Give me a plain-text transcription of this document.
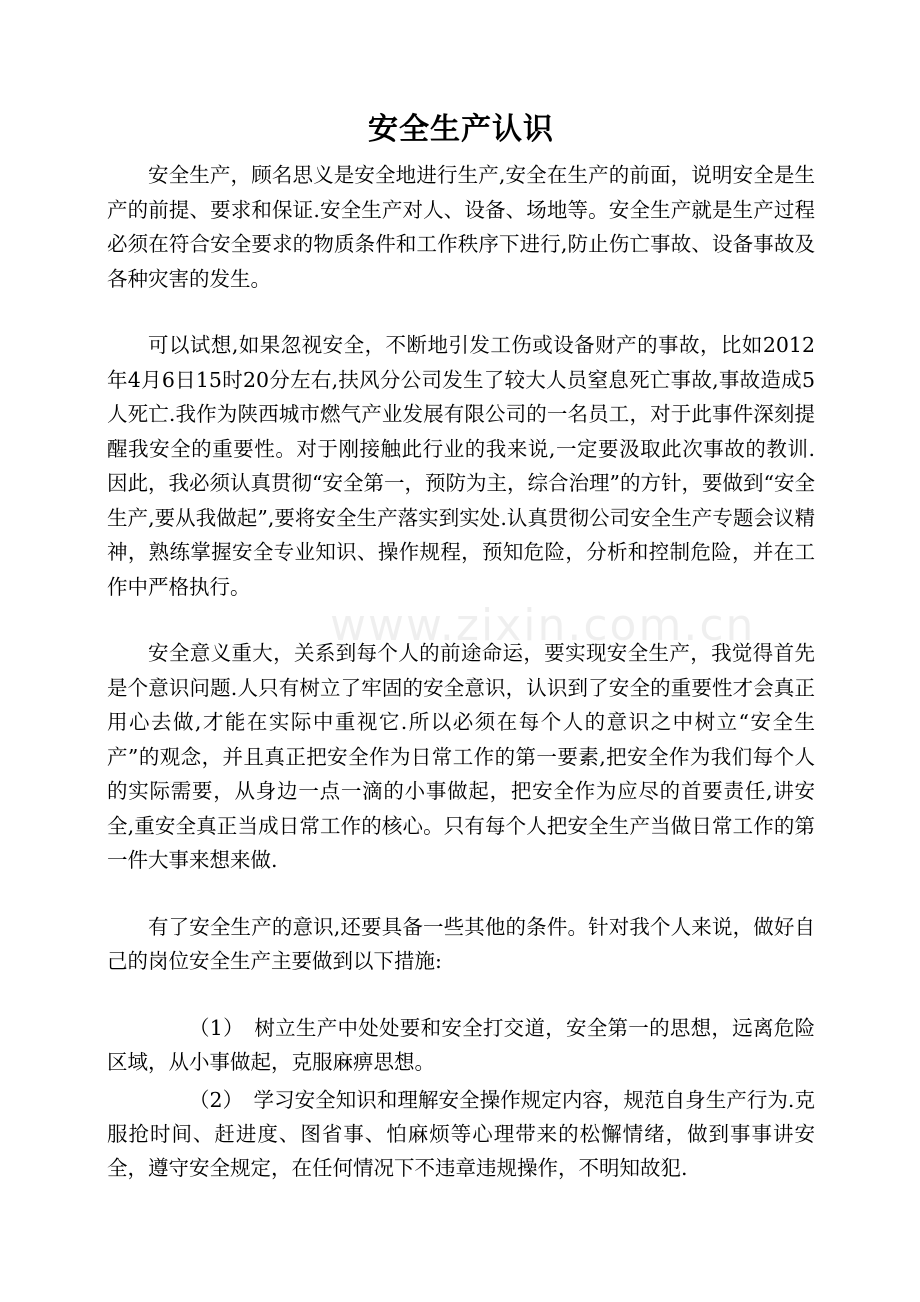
www.zixin.com.cn
安全生产认识

安全生产，顾名思义是安全地进行生产,安全在生产的前面，说明安全是生产的前提、要求和保证.安全生产对人、设备、场地等。安全生产就是生产过程必须在符合安全要求的物质条件和工作秩序下进行,防止伤亡事故、设备事故及各种灾害的发生。

可以试想,如果忽视安全，不断地引发工伤或设备财产的事故，比如2012年4月6日15时20分左右,扶风分公司发生了较大人员窒息死亡事故,事故造成5人死亡.我作为陕西城市燃气产业发展有限公司的一名员工，对于此事件深刻提醒我安全的重要性。对于刚接触此行业的我来说,一定要汲取此次事故的教训.因此，我必须认真贯彻“安全第一，预防为主，综合治理”的方针，要做到“安全生产,要从我做起”,要将安全生产落实到实处.认真贯彻公司安全生产专题会议精神，熟练掌握安全专业知识、操作规程，预知危险，分析和控制危险，并在工作中严格执行。

安全意义重大，关系到每个人的前途命运，要实现安全生产，我觉得首先是个意识问题.人只有树立了牢固的安全意识，认识到了安全的重要性才会真正用心去做,才能在实际中重视它.所以必须在每个人的意识之中树立“安全生产”的观念，并且真正把安全作为日常工作的第一要素,把安全作为我们每个人的实际需要，从身边一点一滴的小事做起，把安全作为应尽的首要责任,讲安全,重安全真正当成日常工作的核心。只有每个人把安全生产当做日常工作的第一件大事来想来做.

有了安全生产的意识,还要具备一些其他的条件。针对我个人来说，做好自己的岗位安全生产主要做到以下措施:

（1）　树立生产中处处要和安全打交道，安全第一的思想，远离危险区域，从小事做起，克服麻痹思想。

（2）　学习安全知识和理解安全操作规定内容，规范自身生产行为.克服抢时间、赶进度、图省事、怕麻烦等心理带来的松懈情绪，做到事事讲安全，遵守安全规定，在任何情况下不违章违规操作，不明知故犯.
